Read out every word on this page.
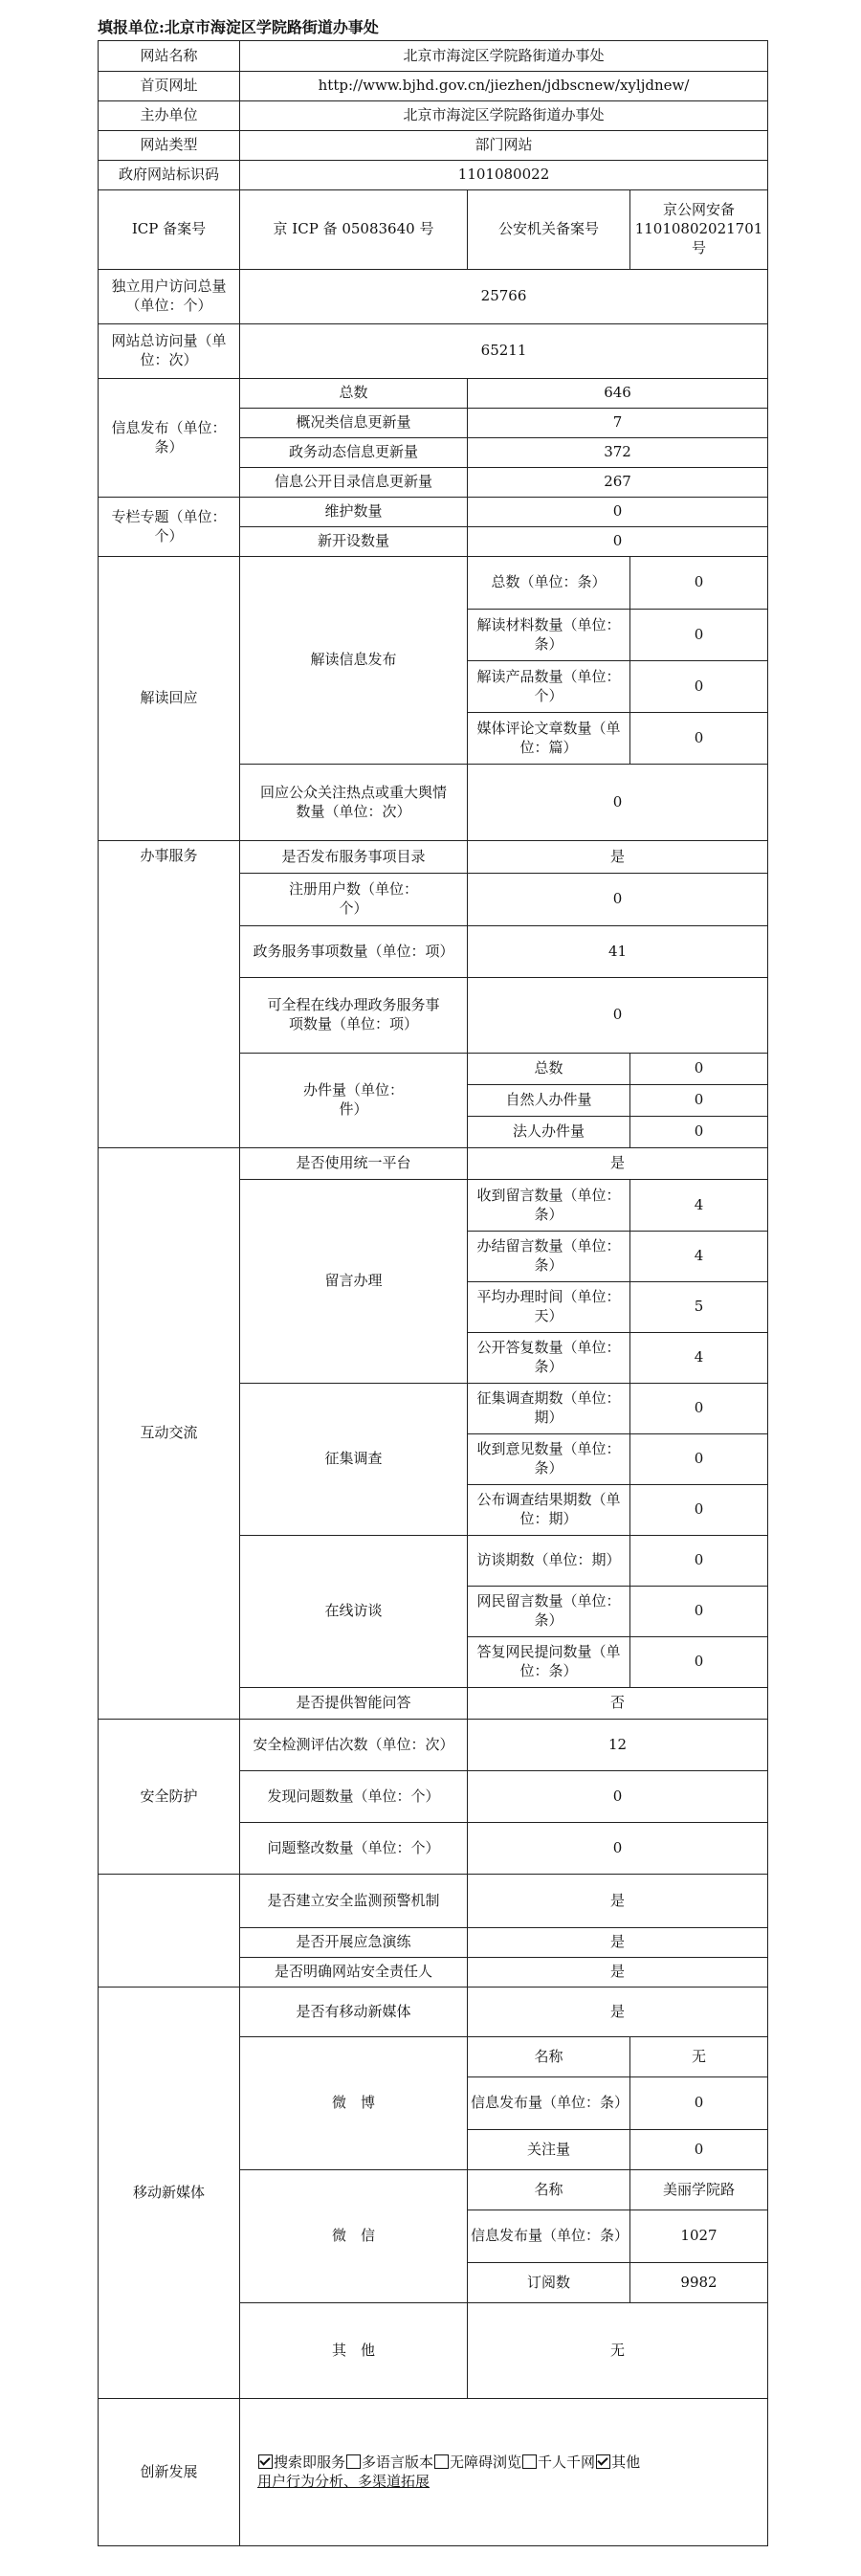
填报单位:北京市海淀区学院路街道办事处
网站名称	北京市海淀区学院路街道办事处		
首页网址	http://www.bjhd.gov.cn/jiezhen/jdbscnew/xyljdnew/		
主办单位	北京市海淀区学院路街道办事处		
网站类型	部门网站		
政府网站标识码	1101080022		
ICP 备案号	京 ICP 备 05083640 号	公安机关备案号	京公网安备11010802021701 号
独立用户访问总量（单位：个）	25766		
网站总访问量（单位：次）	65211		
信息发布（单位：条）	总数	646	
	概况类信息更新量	7	
	政务动态信息更新量	372	
	信息公开目录信息更新量	267	
专栏专题（单位：个）	维护数量	0	
	新开设数量	0	
解读回应	解读信息发布	总数（单位：条）	0
		解读材料数量（单位：条）	0
		解读产品数量（单位：个）	0
		媒体评论文章数量（单位：篇）	0
	回应公众关注热点或重大舆情数量（单位：次）	0	
办事服务	是否发布服务事项目录	是	
	注册用户数（单位：个）	0	
	政务服务事项数量（单位：项）	41	
	可全程在线办理政务服务事项数量（单位：项）	0	
	办件量（单位：件）	总数	0
		自然人办件量	0
		法人办件量	0
互动交流	是否使用统一平台	是	
	留言办理	收到留言数量（单位：条）	4
		办结留言数量（单位：条）	4
		平均办理时间（单位：天）	5
		公开答复数量（单位：条）	4
	征集调查	征集调查期数（单位：期）	0
		收到意见数量（单位：条）	0
		公布调查结果期数（单位：期）	0
	在线访谈	访谈期数（单位：期）	0
		网民留言数量（单位：条）	0
		答复网民提问数量（单位：条）	0
	是否提供智能问答	否	
安全防护	安全检测评估次数（单位：次）	12	
	发现问题数量（单位：个）	0	
	问题整改数量（单位：个）	0	
	是否建立安全监测预警机制	是	
	是否开展应急演练	是	
	是否明确网站安全责任人	是	
移动新媒体	是否有移动新媒体	是	
	微　博	名称	无
		信息发布量（单位：条）	0
		关注量	0
	微　信	名称	美丽学院路
		信息发布量（单位：条）	1027
		订阅数	9982
	其　他	无	
创新发展	搜索即服务 多语言版本 无障碍浏览 千人千网 其他
用户行为分析、多渠道拓展		
